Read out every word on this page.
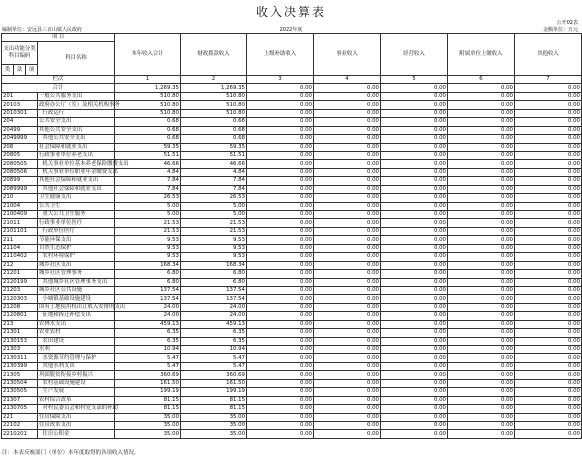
收入决算表
公开02表
编制单位：安远县三百山镇人民政府	2022年度	金额单位：万元
项 目				本年收入合计	财政拨款收入	上级补助收入	事业收入	经营收入	附属单位上缴收入	其他收入
支出功能分类科目编码			科目名称							
类	款	项								
栏次				1	2	3	4	5	6	7
合计				1,269.35	1,269.35	0.00	0.00	0.00	0.00	0.00
201			一般公共服务支出	510.80	510.80	0.00	0.00	0.00	0.00	0.00
20103			政府办公厅（室）及相关机构事务	510.80	510.80	0.00	0.00	0.00	0.00	0.00
2010301			行政运行	510.80	510.80	0.00	0.00	0.00	0.00	0.00
204			公共安全支出	0.68	0.68	0.00	0.00	0.00	0.00	0.00
20499			其他公共安全支出	0.68	0.68	0.00	0.00	0.00	0.00	0.00
2049999			其他公共安全支出	0.68	0.68	0.00	0.00	0.00	0.00	0.00
208			社会保障和就业支出	59.35	59.35	0.00	0.00	0.00	0.00	0.00
20805			行政事业单位养老支出	51.51	51.51	0.00	0.00	0.00	0.00	0.00
2080505			机关事业单位基本养老保险缴费支出	46.66	46.66	0.00	0.00	0.00	0.00	0.00
2080506			机关事业单位职业年金缴费支出	4.84	4.84	0.00	0.00	0.00	0.00	0.00
20899			其他社会保障和就业支出	7.84	7.84	0.00	0.00	0.00	0.00	0.00
2089999			其他社会保障和就业支出	7.84	7.84	0.00	0.00	0.00	0.00	0.00
210			卫生健康支出	26.53	26.53	0.00	0.00	0.00	0.00	0.00
21004			公共卫生	5.00	5.00	0.00	0.00	0.00	0.00	0.00
2100409			重大公共卫生服务	5.00	5.00	0.00	0.00	0.00	0.00	0.00
21011			行政事业单位医疗	21.53	21.53	0.00	0.00	0.00	0.00	0.00
2101101			行政单位医疗	21.53	21.53	0.00	0.00	0.00	0.00	0.00
211			节能环保支出	9.53	9.53	0.00	0.00	0.00	0.00	0.00
21104			自然生态保护	9.53	9.53	0.00	0.00	0.00	0.00	0.00
2110402			农村环境保护	9.53	9.53	0.00	0.00	0.00	0.00	0.00
212			城乡社区支出	168.34	168.34	0.00	0.00	0.00	0.00	0.00
21201			城乡社区管理事务	6.80	6.80	0.00	0.00	0.00	0.00	0.00
2120199			其他城乡社区管理事务支出	6.80	6.80	0.00	0.00	0.00	0.00	0.00
21203			城乡社区公共设施	137.54	137.54	0.00	0.00	0.00	0.00	0.00
2120303			小城镇基础设施建设	137.54	137.54	0.00	0.00	0.00	0.00	0.00
21208			国有土地使用权出让收入安排的支出	24.00	24.00	0.00	0.00	0.00	0.00	0.00
2120801			征地和拆迁补偿支出	24.00	24.00	0.00	0.00	0.00	0.00	0.00
213			农林水支出	459.13	459.13	0.00	0.00	0.00	0.00	0.00
21301			农业农村	6.35	6.35	0.00	0.00	0.00	0.00	0.00
2130153			农田建设	6.35	6.35	0.00	0.00	0.00	0.00	0.00
21303			水利	10.94	10.94	0.00	0.00	0.00	0.00	0.00
2130311			水资源节约管理与保护	5.47	5.47	0.00	0.00	0.00	0.00	0.00
2130399			其他水利支出	5.47	5.47	0.00	0.00	0.00	0.00	0.00
21305			巩固脱贫衔接乡村振兴	360.69	360.69	0.00	0.00	0.00	0.00	0.00
2130504			农村基础设施建设	161.50	161.50	0.00	0.00	0.00	0.00	0.00
2130505			生产发展	199.19	199.19	0.00	0.00	0.00	0.00	0.00
21307			农村综合改革	81.15	81.15	0.00	0.00	0.00	0.00	0.00
2130705			对村民委员会和村党支部的补助	81.15	81.15	0.00	0.00	0.00	0.00	0.00
221			住房保障支出	35.00	35.00	0.00	0.00	0.00	0.00	0.00
22102			住房改革支出	35.00	35.00	0.00	0.00	0.00	0.00	0.00
2210201			住房公积金	35.00	35.00	0.00	0.00	0.00	0.00	0.00
注：本表反映部门（单位）本年度取得的各项收入情况。
